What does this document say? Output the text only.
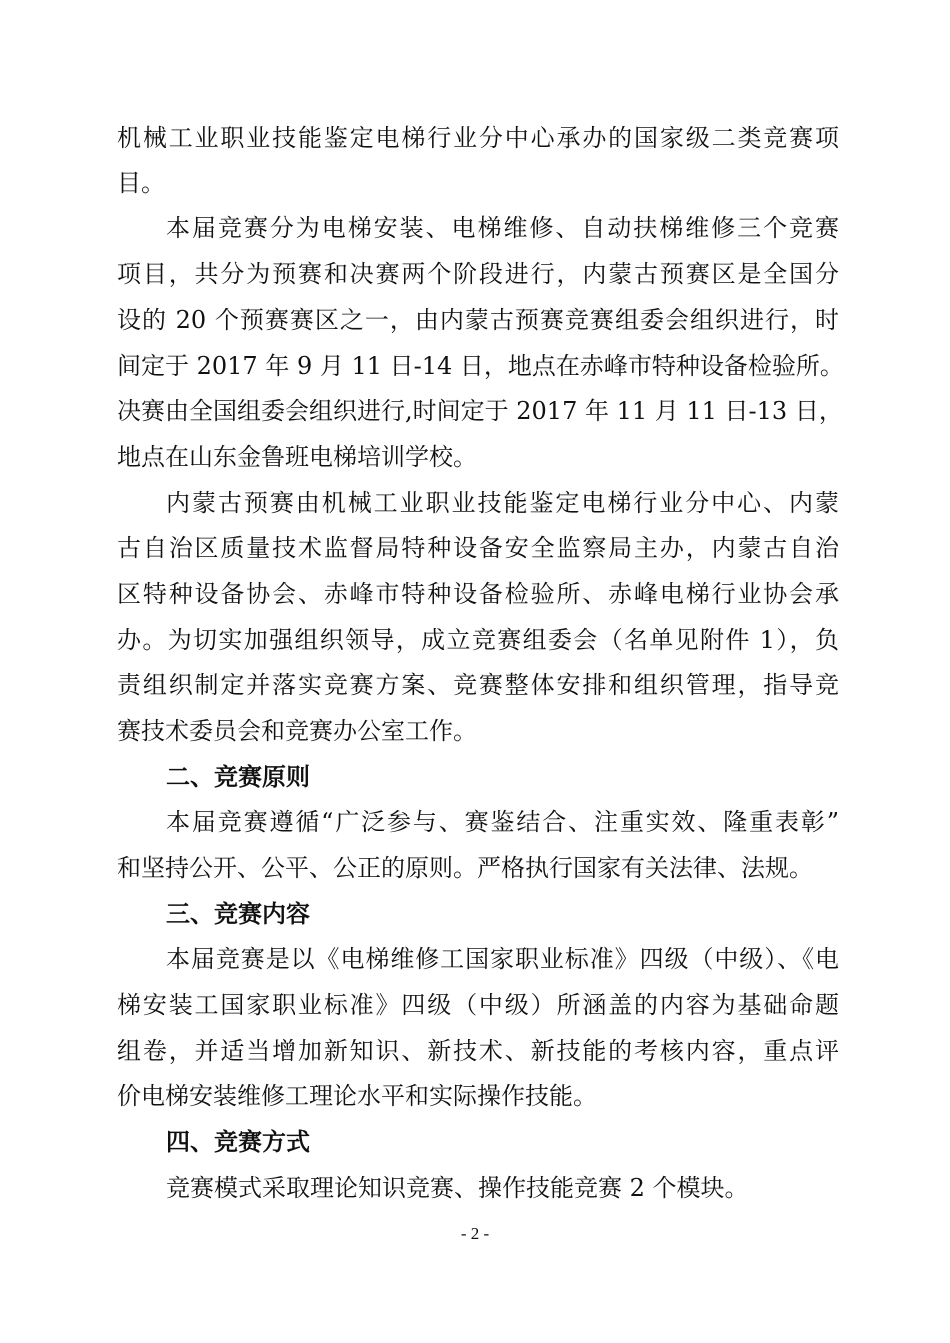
机械工业职业技能鉴定电梯行业分中心承办的国家级二类竞赛项
目。
本届竞赛分为电梯安装、电梯维修、自动扶梯维修三个竞赛
项目，共分为预赛和决赛两个阶段进行，内蒙古预赛区是全国分
设的 20 个预赛赛区之一，由内蒙古预赛竞赛组委会组织进行，时
间定于 2017 年 9 月 11 日-14 日，地点在赤峰市特种设备检验所。
决赛由全国组委会组织进行,时间定于 2017 年 11 月 11 日-13 日，
地点在山东金鲁班电梯培训学校。
内蒙古预赛由机械工业职业技能鉴定电梯行业分中心、内蒙
古自治区质量技术监督局特种设备安全监察局主办，内蒙古自治
区特种设备协会、赤峰市特种设备检验所、赤峰电梯行业协会承
办。为切实加强组织领导，成立竞赛组委会（名单见附件 1），负
责组织制定并落实竞赛方案、竞赛整体安排和组织管理，指导竞
赛技术委员会和竞赛办公室工作。
二、竞赛原则
本届竞赛遵循“广泛参与、赛鉴结合、注重实效、隆重表彰”
和坚持公开、公平、公正的原则。严格执行国家有关法律、法规。
三、竞赛内容
本届竞赛是以《电梯维修工国家职业标准》四级（中级）、《电
梯安装工国家职业标准》四级（中级）所涵盖的内容为基础命题
组卷，并适当增加新知识、新技术、新技能的考核内容，重点评
价电梯安装维修工理论水平和实际操作技能。
四、竞赛方式
竞赛模式采取理论知识竞赛、操作技能竞赛 2 个模块。
- 2 -
